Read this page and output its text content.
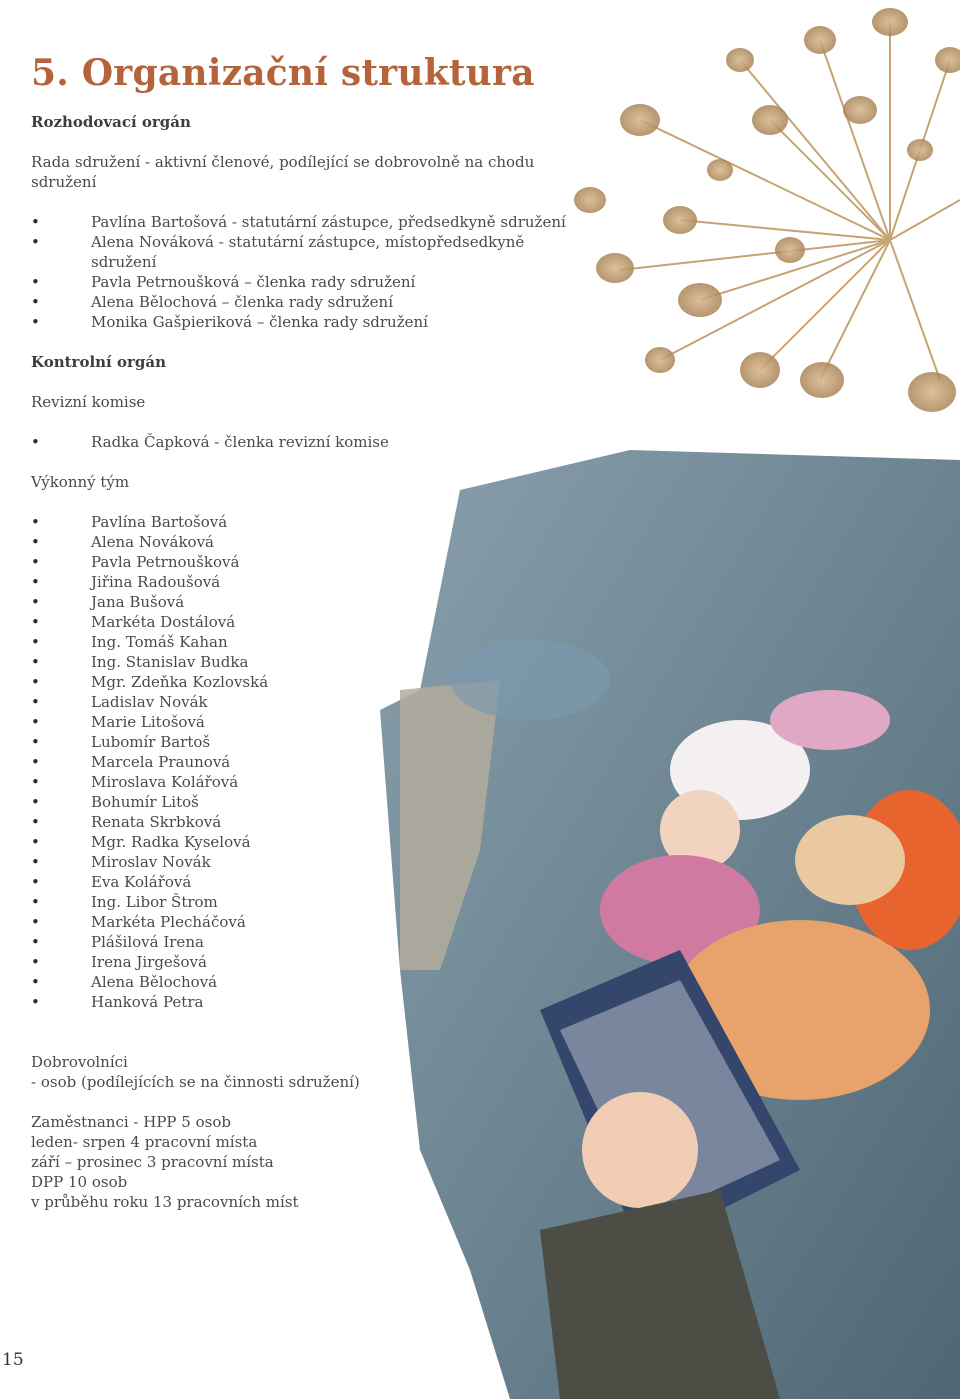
5. Organizační struktura

Rozhodovací orgán

Rada sdružení - aktivní členové, podílející se dobrovolně na chodu sdružení

• Pavlína Bartošová - statutární zástupce, předsedkyně sdružení
• Alena Nováková - statutární zástupce, místopředsedkyně sdružení
• Pavla Petrnoušková – členka rady sdružení
• Alena Bělochová – členka rady sdružení
• Monika Gašpieriková – členka rady sdružení

Kontrolní orgán

Revizní komise

• Radka Čapková - členka revizní komise

Výkonný tým

• Pavlína Bartošová
• Alena Nováková
• Pavla Petrnoušková
• Jiřina Radoušová
• Jana Bušová
• Markéta Dostálová
• Ing. Tomáš Kahan
• Ing. Stanislav Budka
• Mgr. Zdeňka Kozlovská
• Ladislav Novák
• Marie Litošová
• Lubomír Bartoš
• Marcela Praunová
• Miroslava Kolářová
• Bohumír Litoš
• Renata Skrbková
• Mgr. Radka Kyselová
• Miroslav Novák
• Eva Kolářová
• Ing. Libor Štrom
• Markéta Plecháčová
• Plášilová Irena
• Irena Jirgešová
• Alena Bělochová
• Hanková Petra

Dobrovolníci

- osob (podílejících se na činnosti sdružení)

Zaměstnanci - HPP 5 osob

leden- srpen 4 pracovní místa

září – prosinec 3 pracovní místa

DPP 10 osob

v průběhu roku 13 pracovních míst

15
